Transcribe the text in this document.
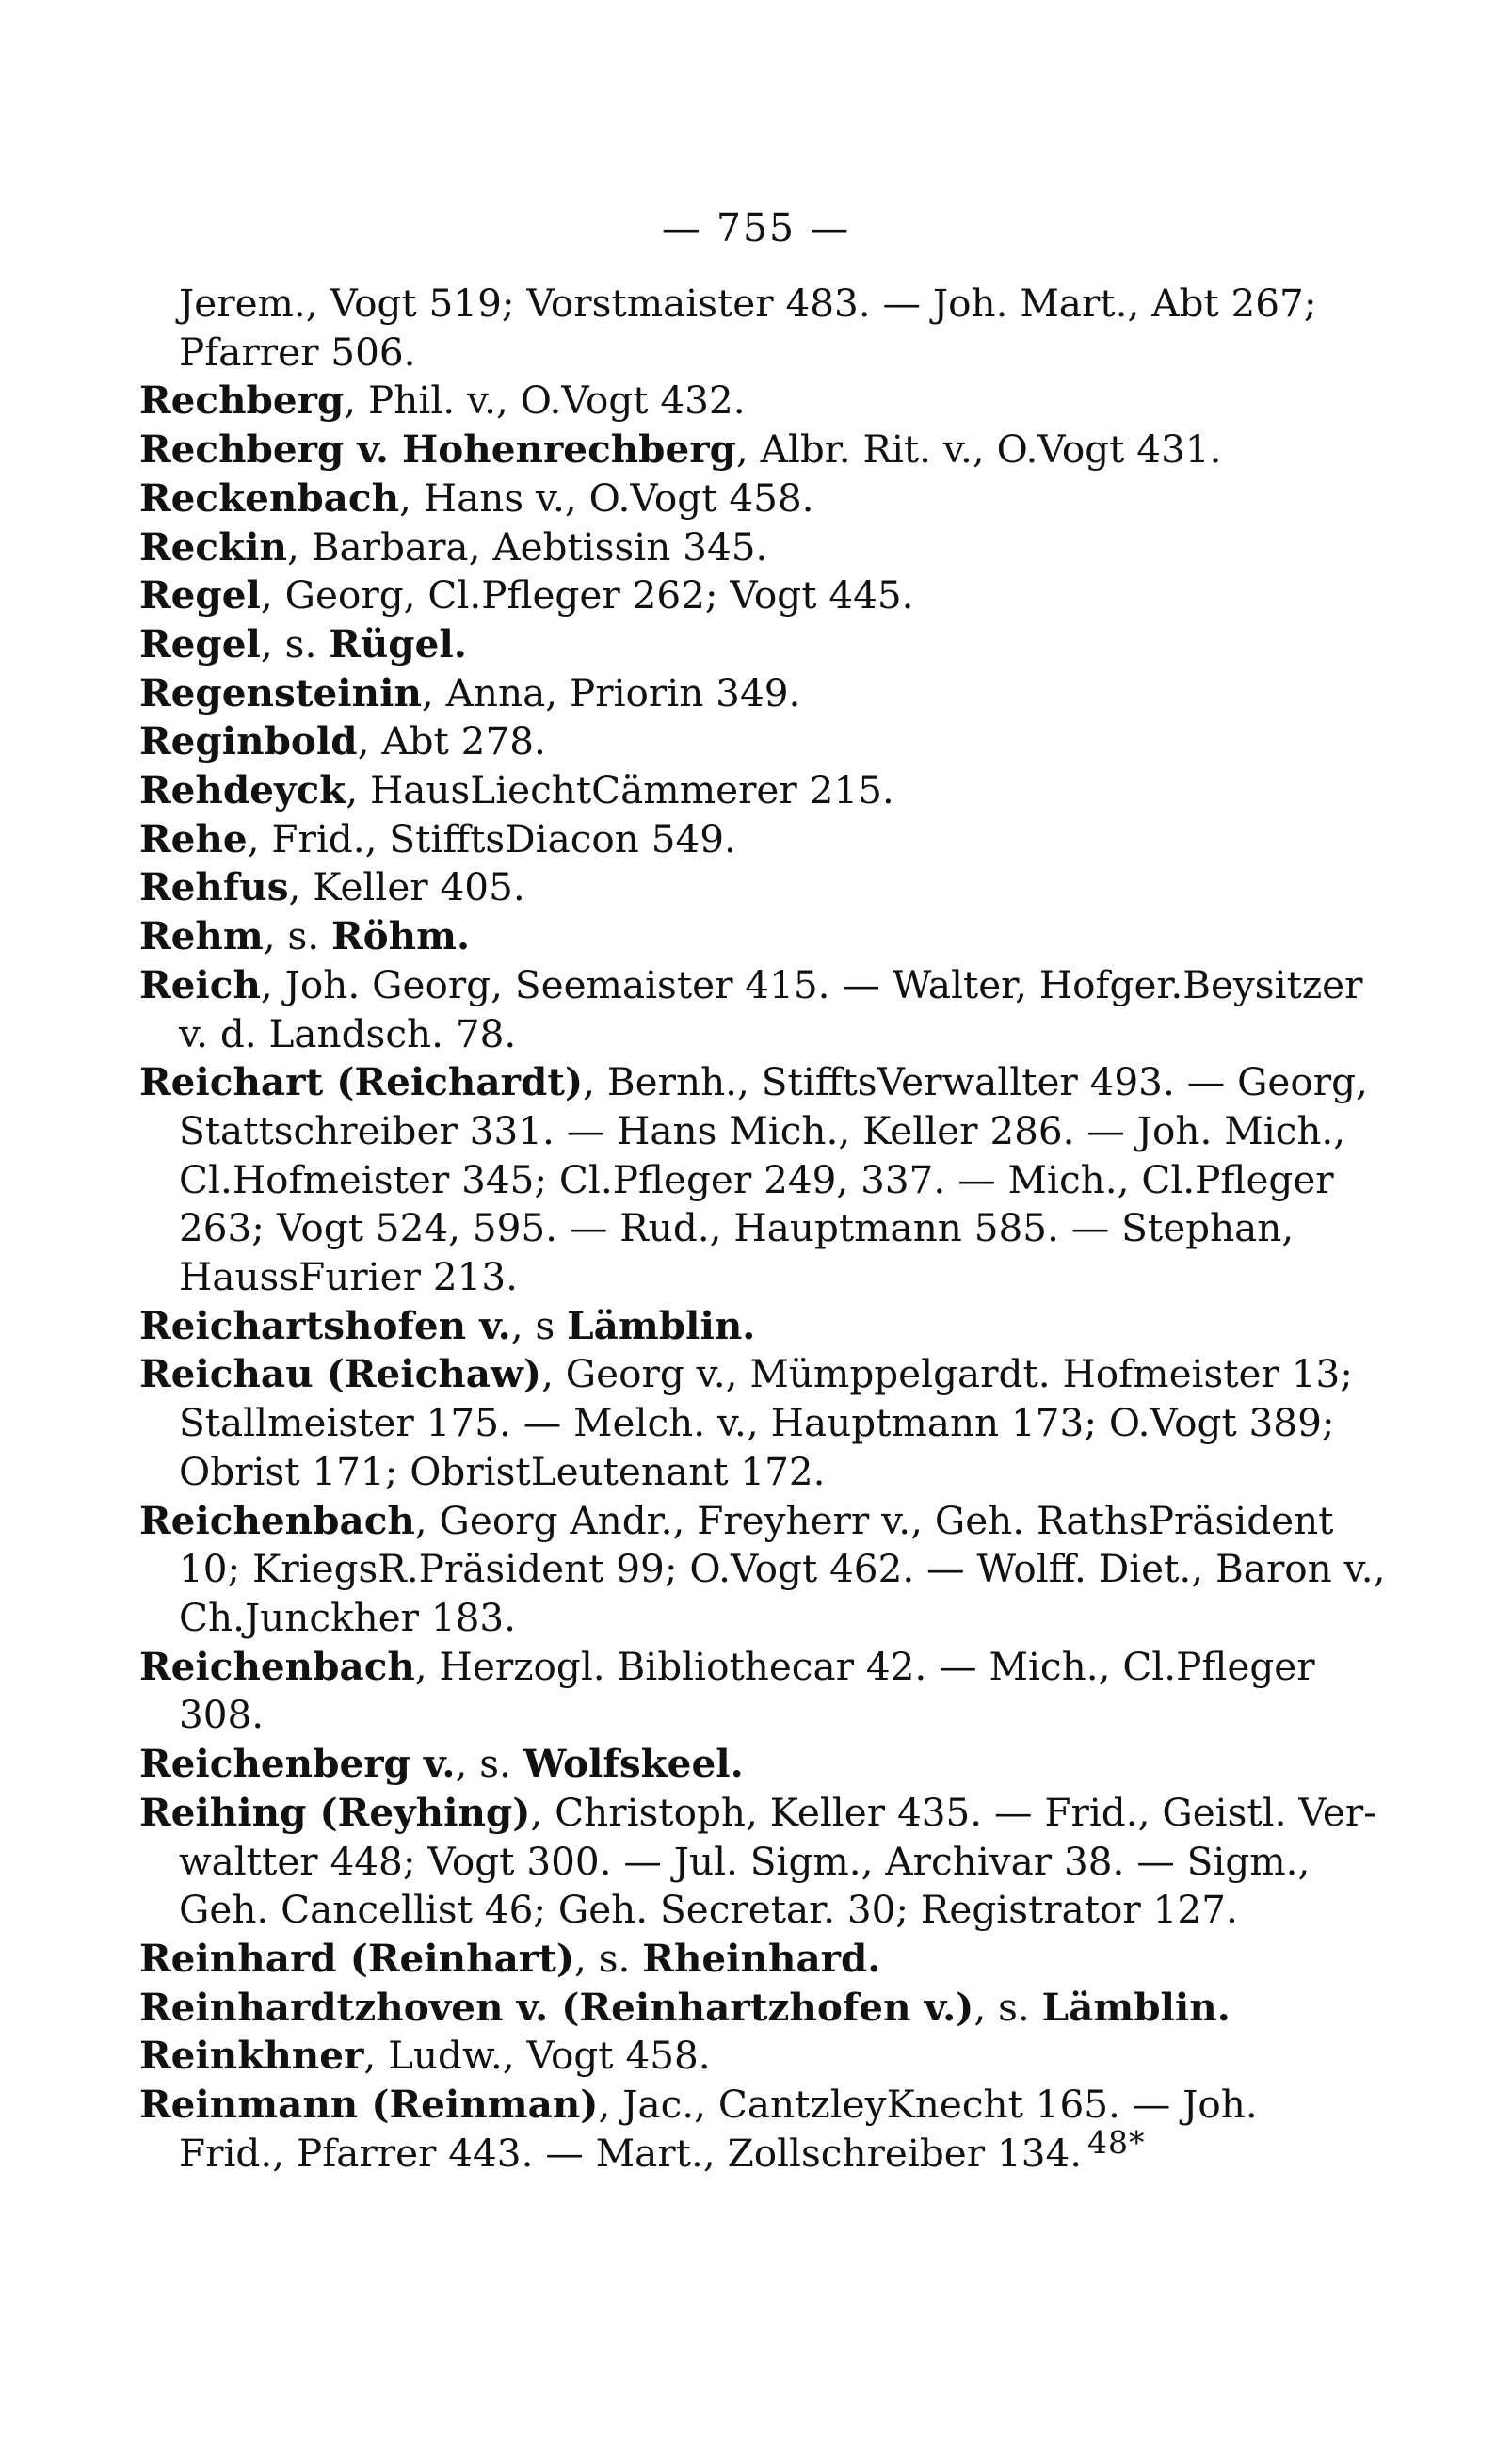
— 755 —

Jerem., Vogt 519; Vorstmaister 483. — Joh. Mart., Abt 267;
Pfarrer 506.

Rechberg, Phil. v., O.Vogt 432.

Rechberg v. Hohenrechberg, Albr. Rit. v., O.Vogt 431.

Reckenbach, Hans v., O.Vogt 458.

Reckin, Barbara, Aebtissin 345.

Regel, Georg, Cl.Pfleger 262; Vogt 445.

Regel, s. Rügel.

Regensteinin, Anna, Priorin 349.

Reginbold, Abt 278.

Rehdeyck, HausLiechtCämmerer 215.

Rehe, Frid., StifftsDiacon 549.

Rehfus, Keller 405.

Rehm, s. Röhm.

Reich, Joh. Georg, Seemaister 415. — Walter, Hofger.Beysitzer
v. d. Landsch. 78.

Reichart (Reichardt), Bernh., StifftsVerwallter 493. — Georg,
Stattschreiber 331. — Hans Mich., Keller 286. — Joh. Mich.,
Cl.Hofmeister 345; Cl.Pfleger 249, 337. — Mich., Cl.Pfleger
263; Vogt 524, 595. — Rud., Hauptmann 585. — Stephan,
HaussFurier 213.

Reichartshofen v., s Lämblin.

Reichau (Reichaw), Georg v., Mümppelgardt. Hofmeister 13;
Stallmeister 175. — Melch. v., Hauptmann 173; O.Vogt 389;
Obrist 171; ObristLeutenant 172.

Reichenbach, Georg Andr., Freyherr v., Geh. RathsPräsident
10; KriegsR.Präsident 99; O.Vogt 462. — Wolff. Diet., Baron v.,
Ch.Junckher 183.

Reichenbach, Herzogl. Bibliothecar 42. — Mich., Cl.Pfleger
308.

Reichenberg v., s. Wolfskeel.

Reihing (Reyhing), Christoph, Keller 435. — Frid., Geistl. Ver-
waltter 448; Vogt 300. — Jul. Sigm., Archivar 38. — Sigm.,
Geh. Cancellist 46; Geh. Secretar. 30; Registrator 127.

Reinhard (Reinhart), s. Rheinhard.

Reinhardtzhoven v. (Reinhartzhofen v.), s. Lämblin.

Reinkhner, Ludw., Vogt 458.

Reinmann (Reinman), Jac., CantzleyKnecht 165. — Joh.
Frid., Pfarrer 443. — Mart., Zollschreiber 134. 48*
